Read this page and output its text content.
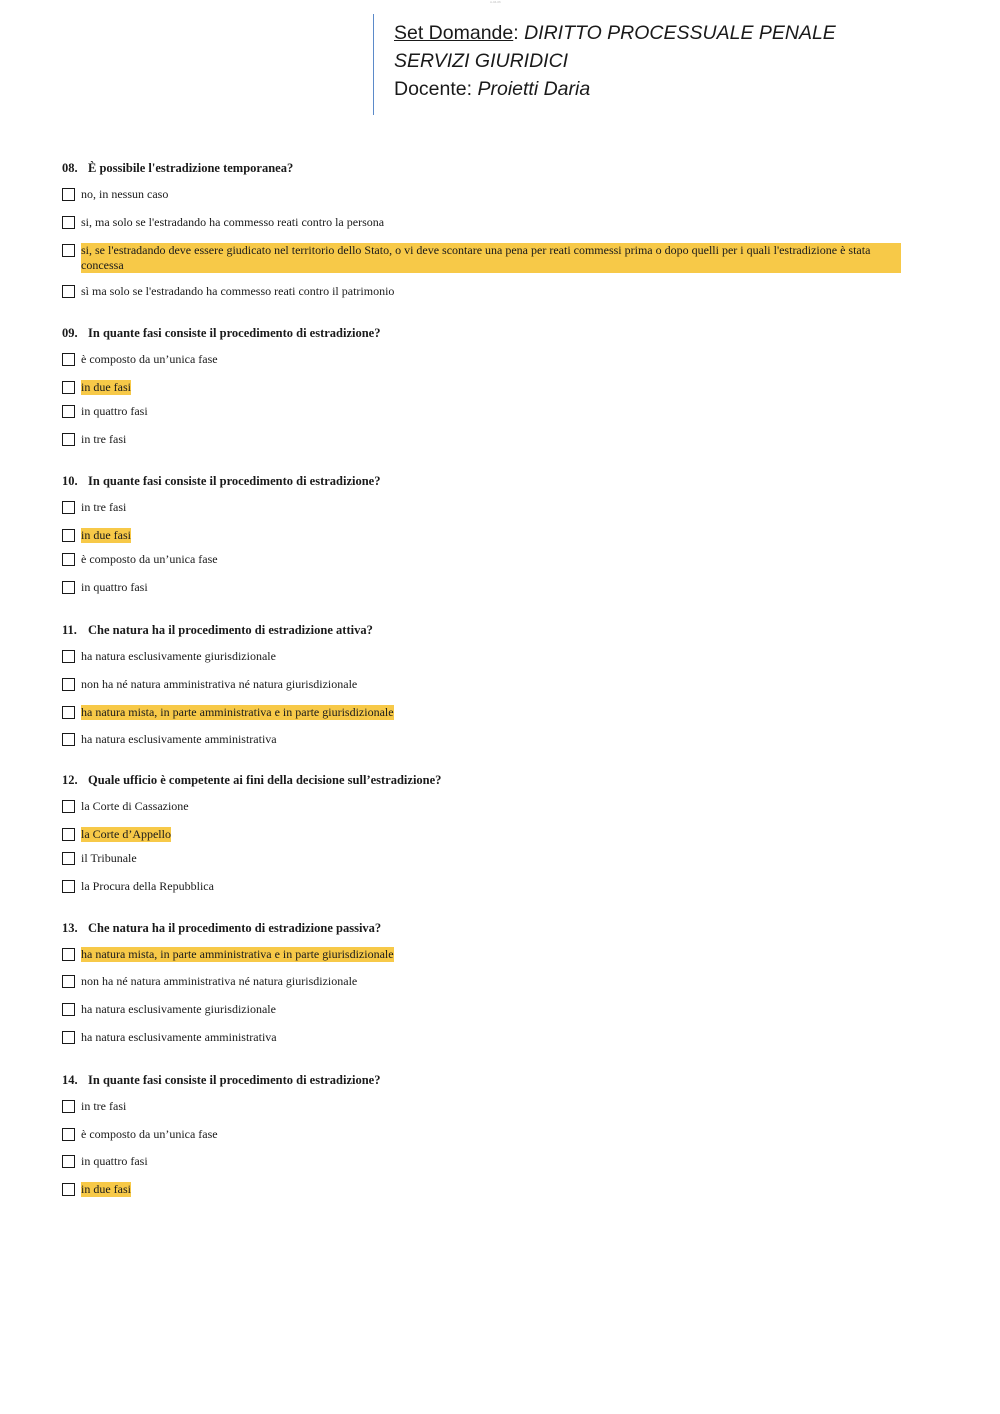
A-04-06
Set Domande: DIRITTO PROCESSUALE PENALE
SERVIZI GIURIDICI
Docente: Proietti Daria
08. È possibile l'estradizione temporanea?
no, in nessun caso
si, ma solo se l'estradando ha commesso reati contro la persona
si, se l'estradando deve essere giudicato nel territorio dello Stato, o vi deve scontare una pena per reati commessi prima o dopo quelli per i quali l'estradizione è stata concessa
sì ma solo se l'estradando ha commesso reati contro il patrimonio
09. In quante fasi consiste il procedimento di estradizione?
è composto da un’unica fase
in due fasi
in quattro fasi
in tre fasi
10. In quante fasi consiste il procedimento di estradizione?
in tre fasi
in due fasi
è composto da un’unica fase
in quattro fasi
11. Che natura ha il procedimento di estradizione attiva?
ha natura esclusivamente giurisdizionale
non ha né natura amministrativa né natura giurisdizionale
ha natura mista, in parte amministrativa e in parte giurisdizionale
ha natura esclusivamente amministrativa
12. Quale ufficio è competente ai fini della decisione sull’estradizione?
la Corte di Cassazione
la Corte d’Appello
il Tribunale
la Procura della Repubblica
13. Che natura ha il procedimento di estradizione passiva?
ha natura mista, in parte amministrativa e in parte giurisdizionale
non ha né natura amministrativa né natura giurisdizionale
ha natura esclusivamente giurisdizionale
ha natura esclusivamente amministrativa
14. In quante fasi consiste il procedimento di estradizione?
in tre fasi
è composto da un’unica fase
in quattro fasi
in due fasi
